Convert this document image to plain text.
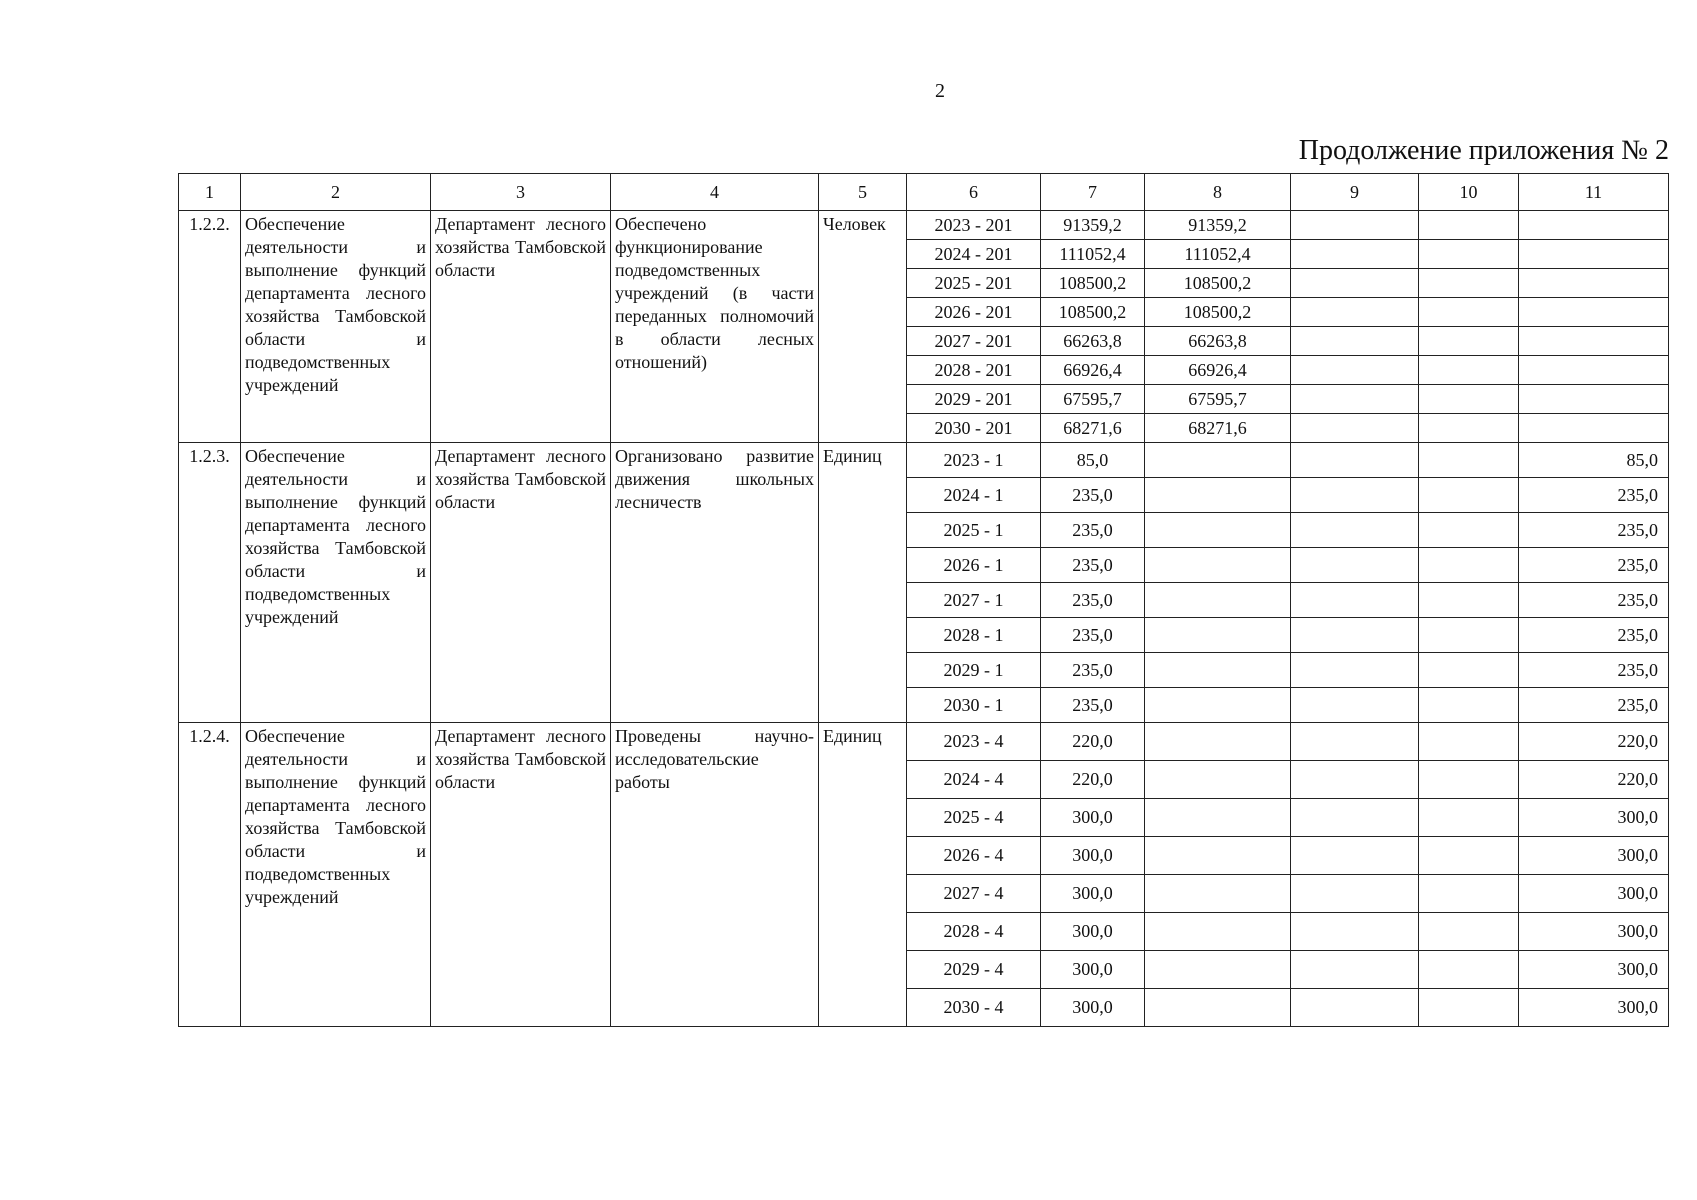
2
Продолжение приложения № 2
1	2	3	4	5	6	7	8	9	10	11
1.2.2.	Обеспечение деятельности и выполнение функций департамента лесного хозяйства Тамбовской области и подведомственных учреждений	Департамент лесного хозяйства Тамбовской области	Обеспечено функционирование подведомственных учреждений (в части переданных полномочий в области лесных отношений)	Человек	2023 - 201	91359,2	91359,2			
					2024 - 201	111052,4	111052,4			
					2025 - 201	108500,2	108500,2			
					2026 - 201	108500,2	108500,2			
					2027 - 201	66263,8	66263,8			
					2028 - 201	66926,4	66926,4			
					2029 - 201	67595,7	67595,7			
					2030 - 201	68271,6	68271,6			
1.2.3.	Обеспечение деятельности и выполнение функций департамента лесного хозяйства Тамбовской области и подведомственных учреждений	Департамент лесного хозяйства Тамбовской области	Организовано развитие движения школьных лесничеств	Единиц	2023 - 1	85,0				85,0
					2024 - 1	235,0				235,0
					2025 - 1	235,0				235,0
					2026 - 1	235,0				235,0
					2027 - 1	235,0				235,0
					2028 - 1	235,0				235,0
					2029 - 1	235,0				235,0
					2030 - 1	235,0				235,0
1.2.4.	Обеспечение деятельности и выполнение функций департамента лесного хозяйства Тамбовской области и подведомственных учреждений	Департамент лесного хозяйства Тамбовской области	Проведены научно-исследовательские работы	Единиц	2023 - 4	220,0				220,0
					2024 - 4	220,0				220,0
					2025 - 4	300,0				300,0
					2026 - 4	300,0				300,0
					2027 - 4	300,0				300,0
					2028 - 4	300,0				300,0
					2029 - 4	300,0				300,0
					2030 - 4	300,0				300,0
